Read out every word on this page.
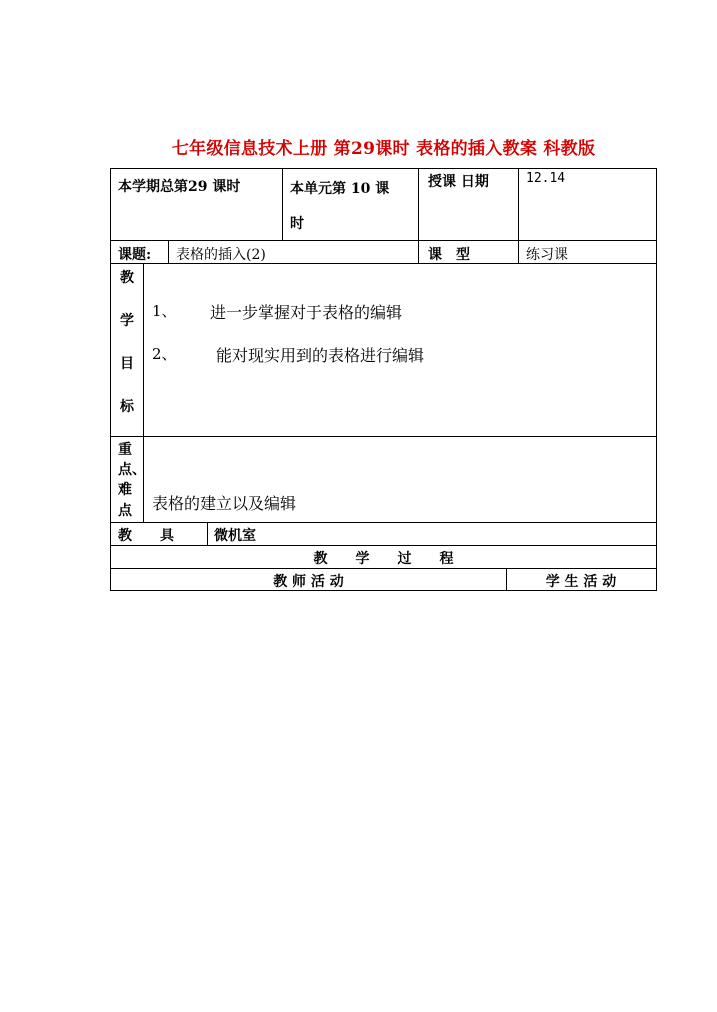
七年级信息技术上册 第29课时 表格的插入教案 科教版
本学期总第29 课时	本单元第 10 课
时
授课 日期	12.14
课题: 表格的插入(2)	课　型	练习课
教
学
目
标
1、 进一步掌握对于表格的编辑
2、 能对现实用到的表格进行编辑
重
点、
难
点 表格的建立以及编辑
教　　具	微机室
教　　学　　过　　程
教 师 活 动	学 生 活 动
